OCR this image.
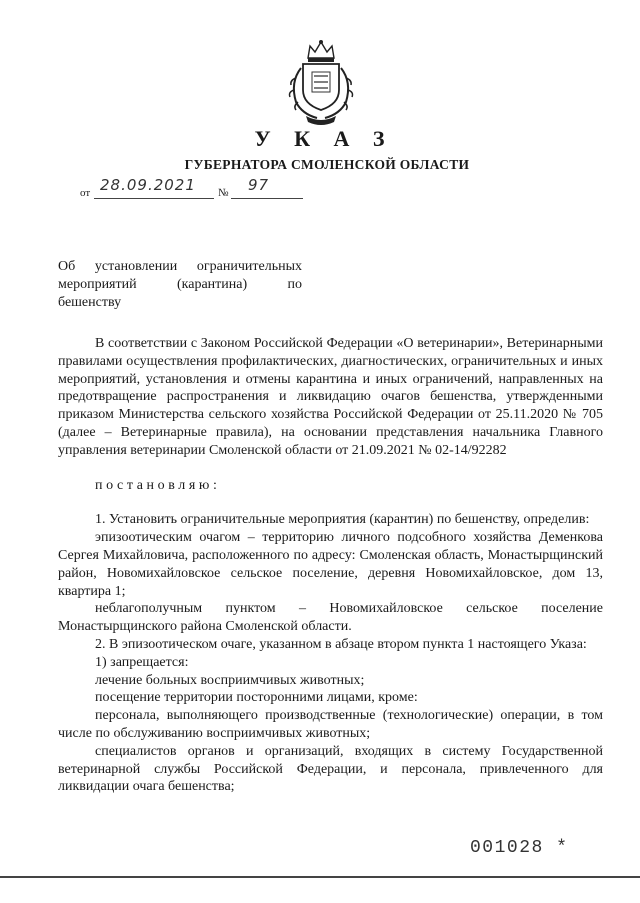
У К А З
ГУБЕРНАТОРА СМОЛЕНСКОЙ ОБЛАСТИ
от 28.09.2021 № 97
Об установлении ограничительных
мероприятий (карантина) по
бешенству

В соответствии с Законом Российской Федерации «О ветеринарии», Ветеринарными правилами осуществления профилактических, диагностических, ограничительных и иных мероприятий, установления и отмены карантина и иных ограничений, направленных на предотвращение распространения и ликвидацию очагов бешенства, утвержденными приказом Министерства сельского хозяйства Российской Федерации от 25.11.2020 № 705 (далее – Ветеринарные правила), на основании представления начальника Главного управления ветеринарии Смоленской области от 21.09.2021 № 02-14/92282

постановляю:

1. Установить ограничительные мероприятия (карантин) по бешенству, определив:

эпизоотическим очагом – территорию личного подсобного хозяйства Деменкова Сергея Михайловича, расположенного по адресу: Смоленская область, Монастырщинский район, Новомихайловское сельское поселение, деревня Новомихайловское, дом 13, квартира 1;

неблагополучным пунктом – Новомихайловское сельское поселение Монастырщинского района Смоленской области.

2. В эпизоотическом очаге, указанном в абзаце втором пункта 1 настоящего Указа:

1) запрещается:

лечение больных восприимчивых животных;

посещение территории посторонними лицами, кроме:

персонала, выполняющего производственные (технологические) операции, в том числе по обслуживанию восприимчивых животных;

специалистов органов и организаций, входящих в систему Государственной ветеринарной службы Российской Федерации, и персонала, привлеченного для ликвидации очага бешенства;

001028 *
